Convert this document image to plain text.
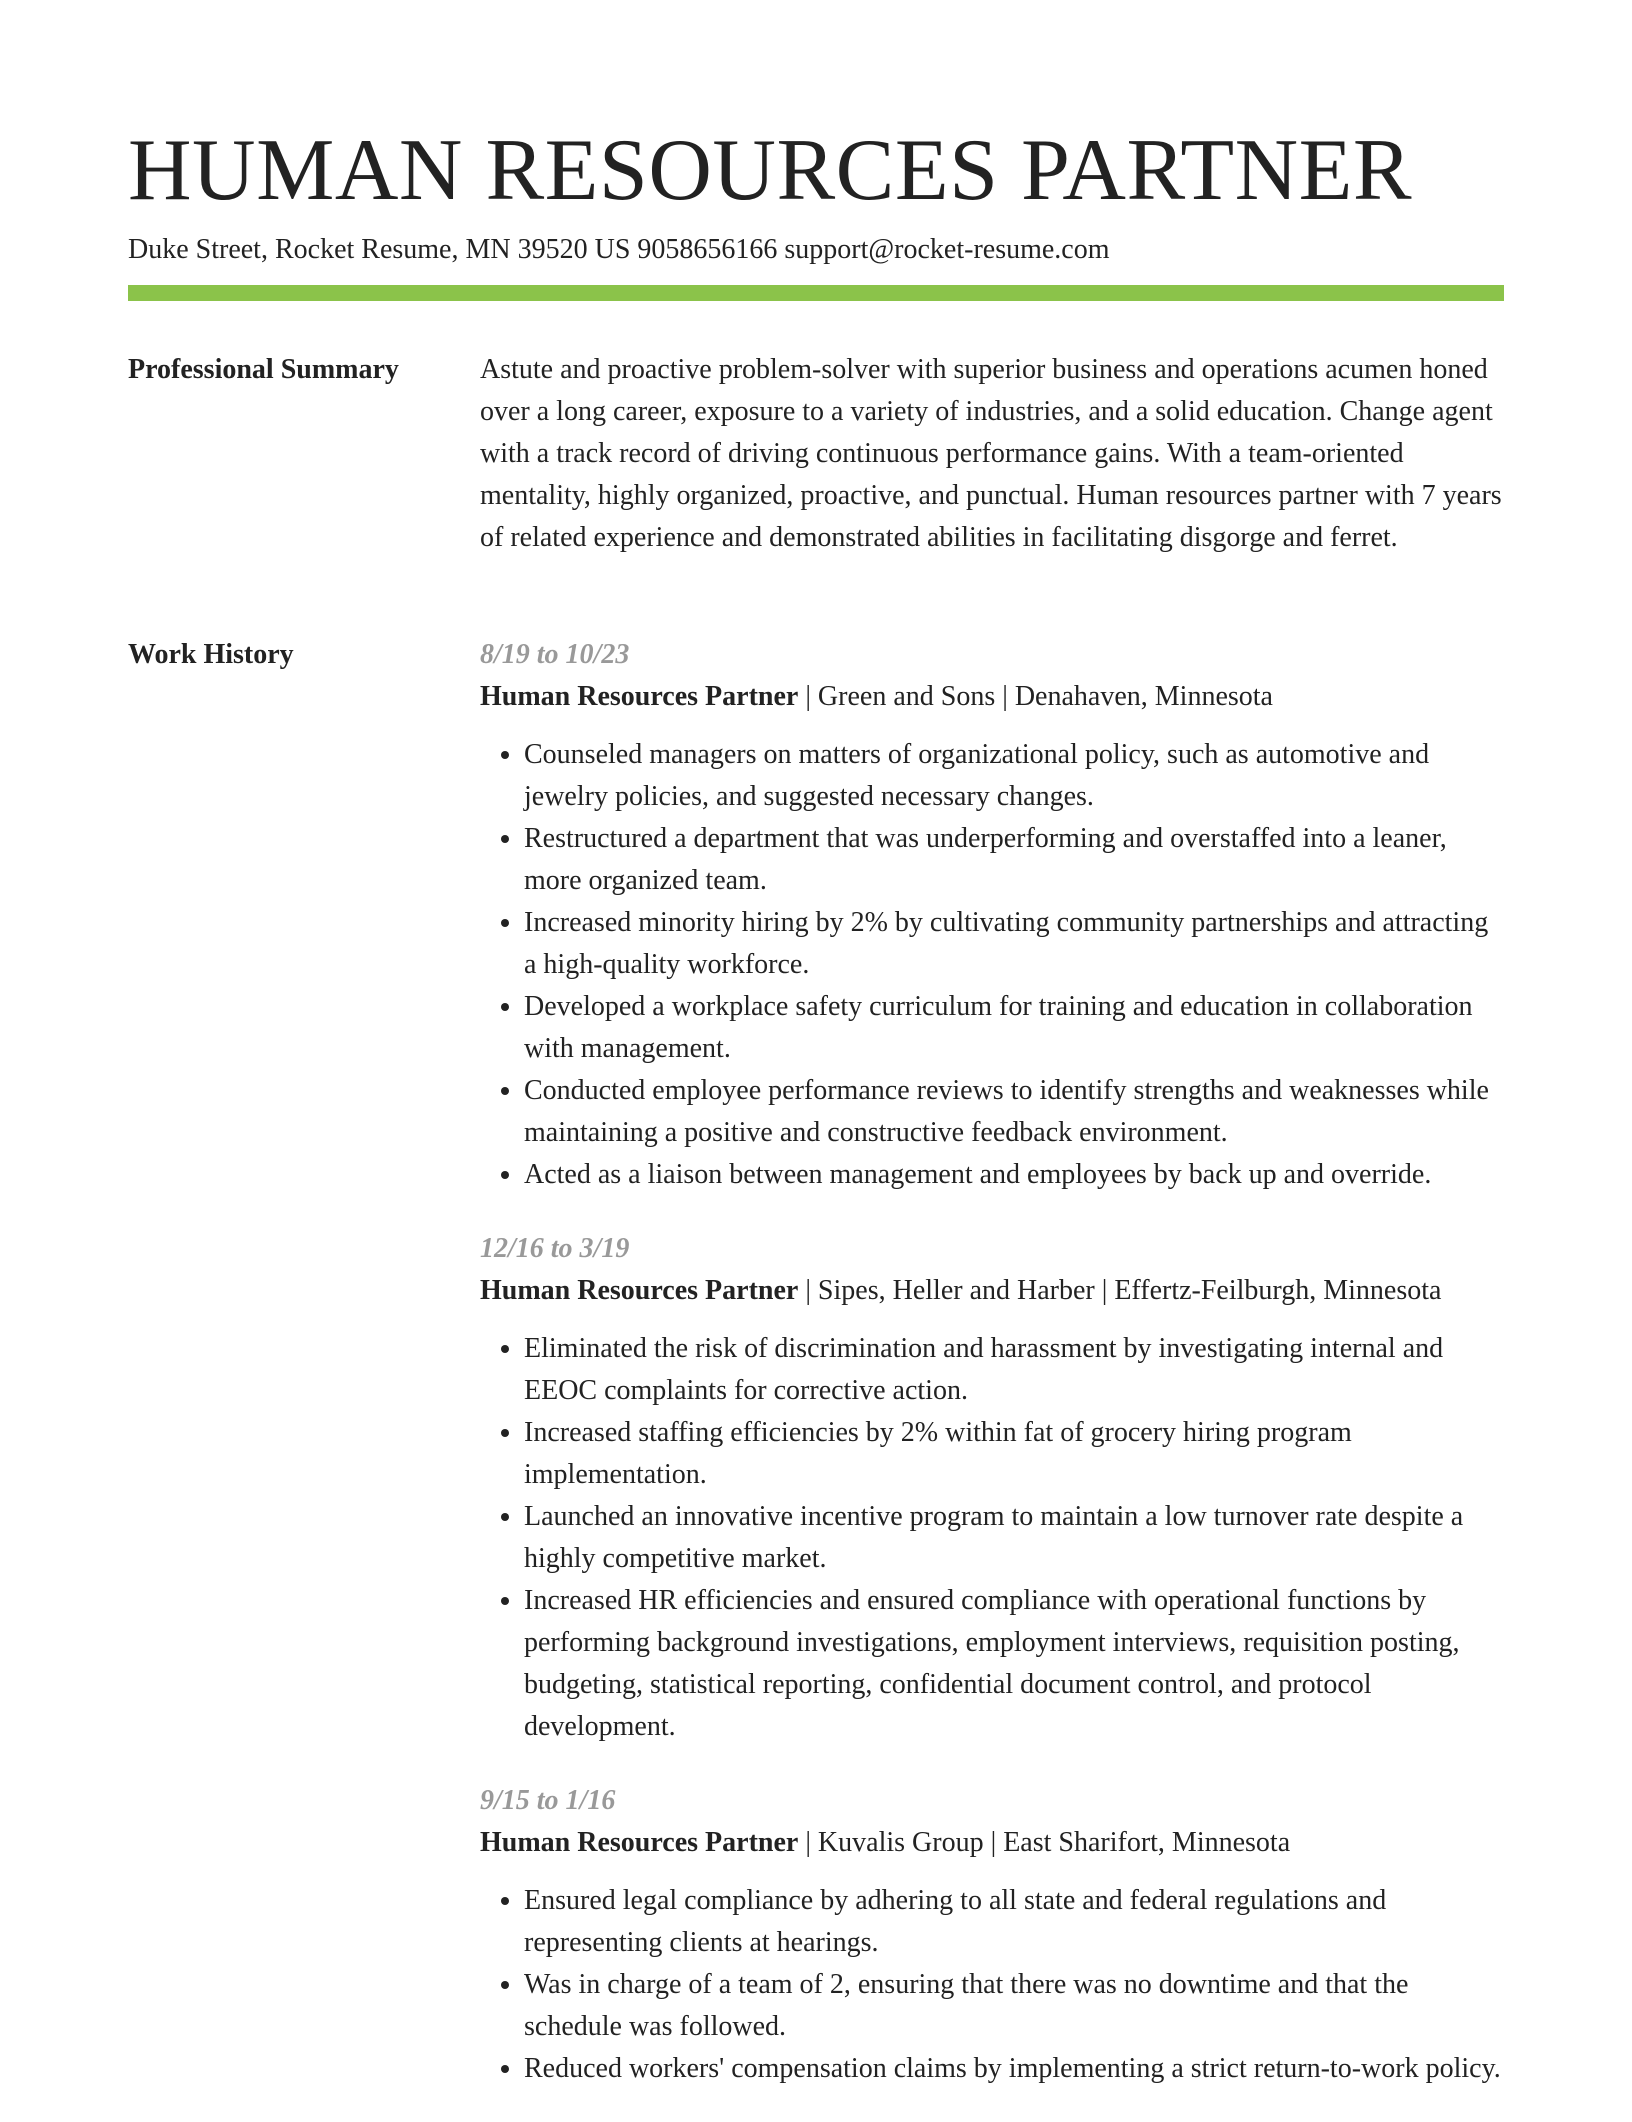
HUMAN RESOURCES PARTNER
Duke Street, Rocket Resume, MN 39520 US 9058656166 support@rocket-resume.com
Professional Summary	Astute and proactive problem-solver with superior business and operations acumen honed over a long career, exposure to a variety of industries, and a solid education. Change agent with a track record of driving continuous performance gains. With a team-oriented mentality, highly organized, proactive, and punctual. Human resources partner with 7 years of related experience and demonstrated abilities in facilitating disgorge and ferret.

Work History	8/19 to 10/23
Human Resources Partner | Green and Sons | Denahaven, Minnesota
• Counseled managers on matters of organizational policy, such as automotive and jewelry policies, and suggested necessary changes.
• Restructured a department that was underperforming and overstaffed into a leaner, more organized team.
• Increased minority hiring by 2% by cultivating community partnerships and attracting a high-quality workforce.
• Developed a workplace safety curriculum for training and education in collaboration with management.
• Conducted employee performance reviews to identify strengths and weaknesses while maintaining a positive and constructive feedback environment.
• Acted as a liaison between management and employees by back up and override.
12/16 to 3/19
Human Resources Partner | Sipes, Heller and Harber | Effertz-Feilburgh, Minnesota
• Eliminated the risk of discrimination and harassment by investigating internal and EEOC complaints for corrective action.
• Increased staffing efficiencies by 2% within fat of grocery hiring program implementation.
• Launched an innovative incentive program to maintain a low turnover rate despite a highly competitive market.
• Increased HR efficiencies and ensured compliance with operational functions by performing background investigations, employment interviews, requisition posting, budgeting, statistical reporting, confidential document control, and protocol development.
9/15 to 1/16
Human Resources Partner | Kuvalis Group | East Sharifort, Minnesota
• Ensured legal compliance by adhering to all state and federal regulations and representing clients at hearings.
• Was in charge of a team of 2, ensuring that there was no downtime and that the schedule was followed.
• Reduced workers' compensation claims by implementing a strict return-to-work policy.
